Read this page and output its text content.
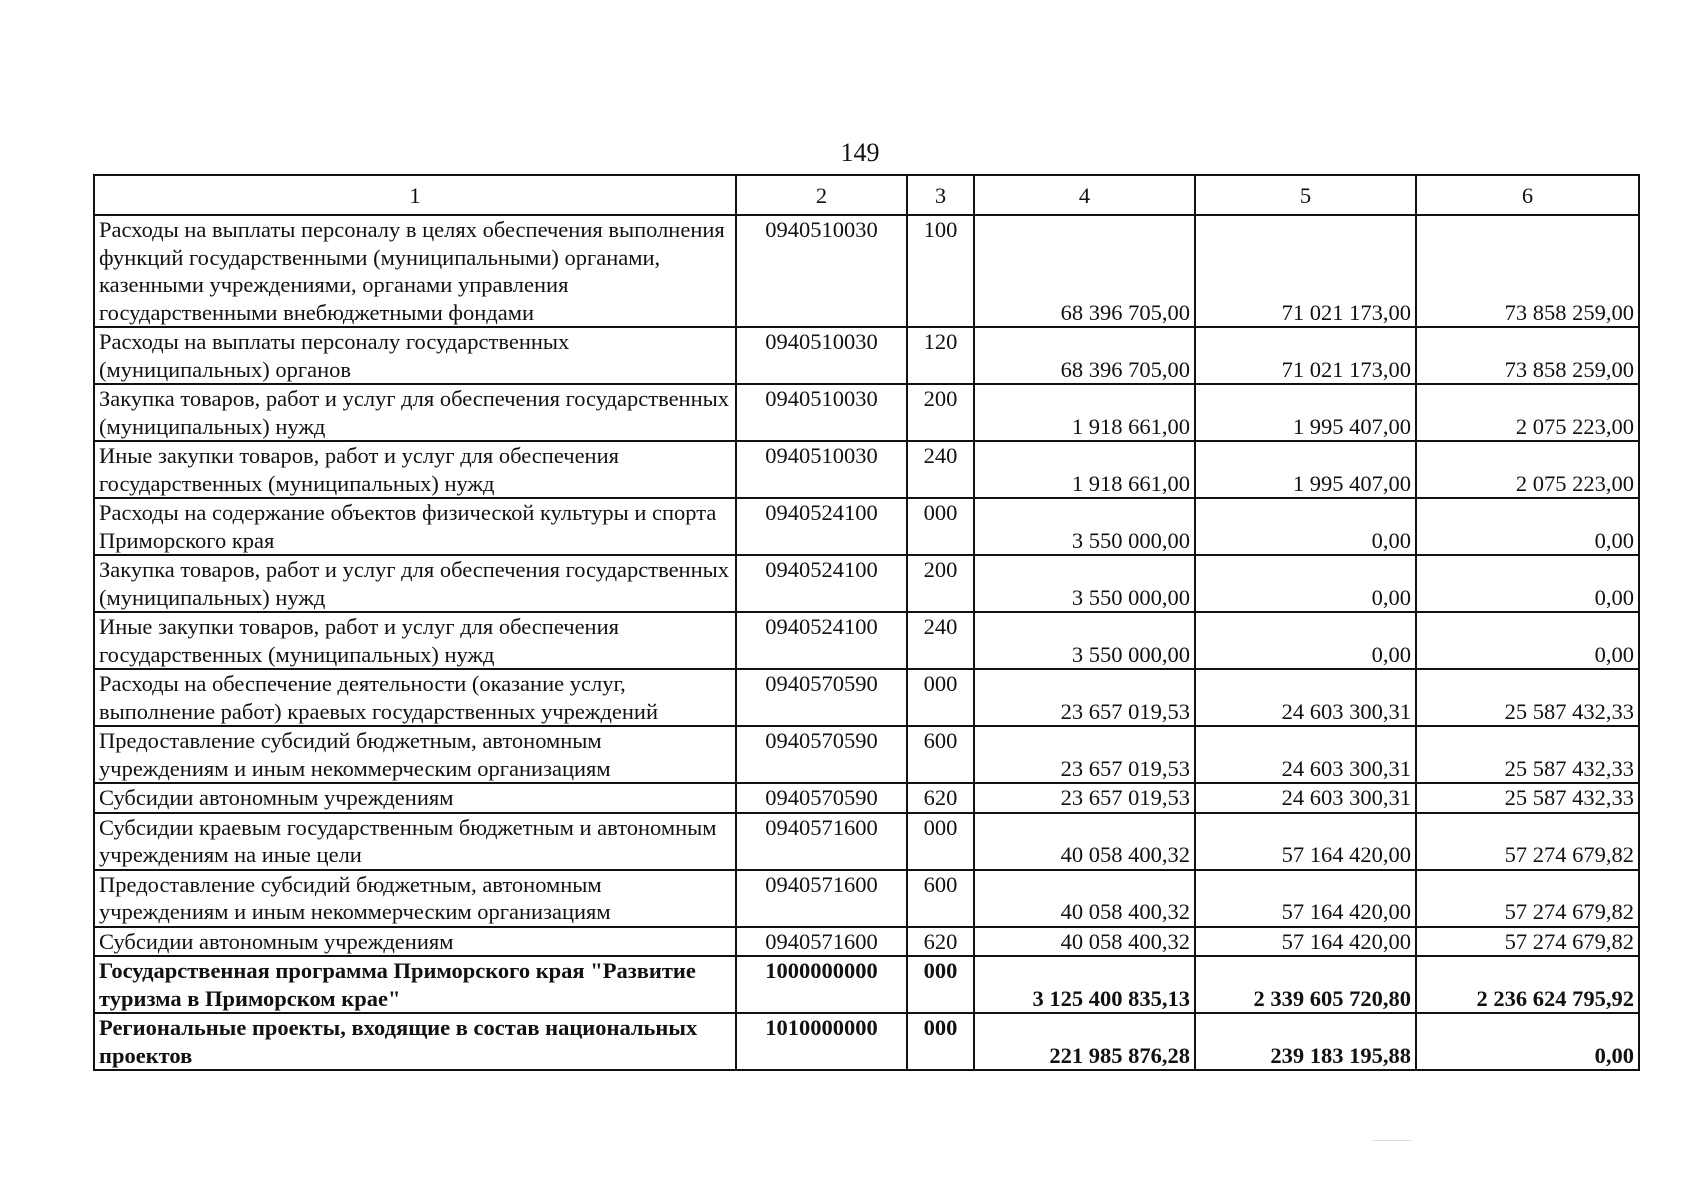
149
1	2	3	4	5	6
Расходы на выплаты персоналу в целях обеспечения выполнения функций государственными (муниципальными) органами, казенными учреждениями, органами управления государственными внебюджетными фондами	0940510030	100	68 396 705,00	71 021 173,00	73 858 259,00
Расходы на выплаты персоналу государственных (муниципальных) органов	0940510030	120	68 396 705,00	71 021 173,00	73 858 259,00
Закупка товаров, работ и услуг для обеспечения государственных (муниципальных) нужд	0940510030	200	1 918 661,00	1 995 407,00	2 075 223,00
Иные закупки товаров, работ и услуг для обеспечения государственных (муниципальных) нужд	0940510030	240	1 918 661,00	1 995 407,00	2 075 223,00
Расходы на содержание объектов физической культуры и спорта Приморского края	0940524100	000	3 550 000,00	0,00	0,00
Закупка товаров, работ и услуг для обеспечения государственных (муниципальных) нужд	0940524100	200	3 550 000,00	0,00	0,00
Иные закупки товаров, работ и услуг для обеспечения государственных (муниципальных) нужд	0940524100	240	3 550 000,00	0,00	0,00
Расходы на обеспечение деятельности (оказание услуг, выполнение работ) краевых государственных учреждений	0940570590	000	23 657 019,53	24 603 300,31	25 587 432,33
Предоставление субсидий бюджетным, автономным учреждениям и иным некоммерческим организациям	0940570590	600	23 657 019,53	24 603 300,31	25 587 432,33
Субсидии автономным учреждениям	0940570590	620	23 657 019,53	24 603 300,31	25 587 432,33
Субсидии краевым государственным бюджетным и автономным учреждениям на иные цели	0940571600	000	40 058 400,32	57 164 420,00	57 274 679,82
Предоставление субсидий бюджетным, автономным учреждениям и иным некоммерческим организациям	0940571600	600	40 058 400,32	57 164 420,00	57 274 679,82
Субсидии автономным учреждениям	0940571600	620	40 058 400,32	57 164 420,00	57 274 679,82
Государственная программа Приморского края "Развитие туризма в Приморском крае"	1000000000	000	3 125 400 835,13	2 339 605 720,80	2 236 624 795,92
Региональные проекты, входящие в состав национальных проектов	1010000000	000	221 985 876,28	239 183 195,88	0,00
